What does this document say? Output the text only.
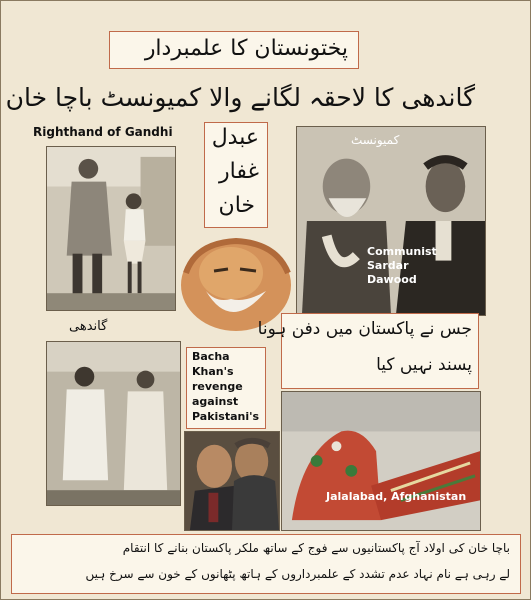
پختونستان کا علمبردار
گاندھی کا لاحقہ لگانے والا کمیونسٹ باچا خان
Righthand of Gandhi عبدل
غفار
خان
کمیونسٹ
Communist
Sardar
Dawood
گاندھی	جس نے پاکستان میں دفن ہونا
پسند نہیں کیا
Bacha
Khan's
revenge
against
Pakistani's
Jalalabad, Afghanistan
باچا خان کی اولاد آج پاکستانیوں سے فوج کے ساتھ ملکر پاکستان بنانے کا انتقام
لے رہی ہے نام نہاد عدم تشدد کے علمبرداروں کے ہاتھ پٹھانوں کے خون سے سرخ ہیں
